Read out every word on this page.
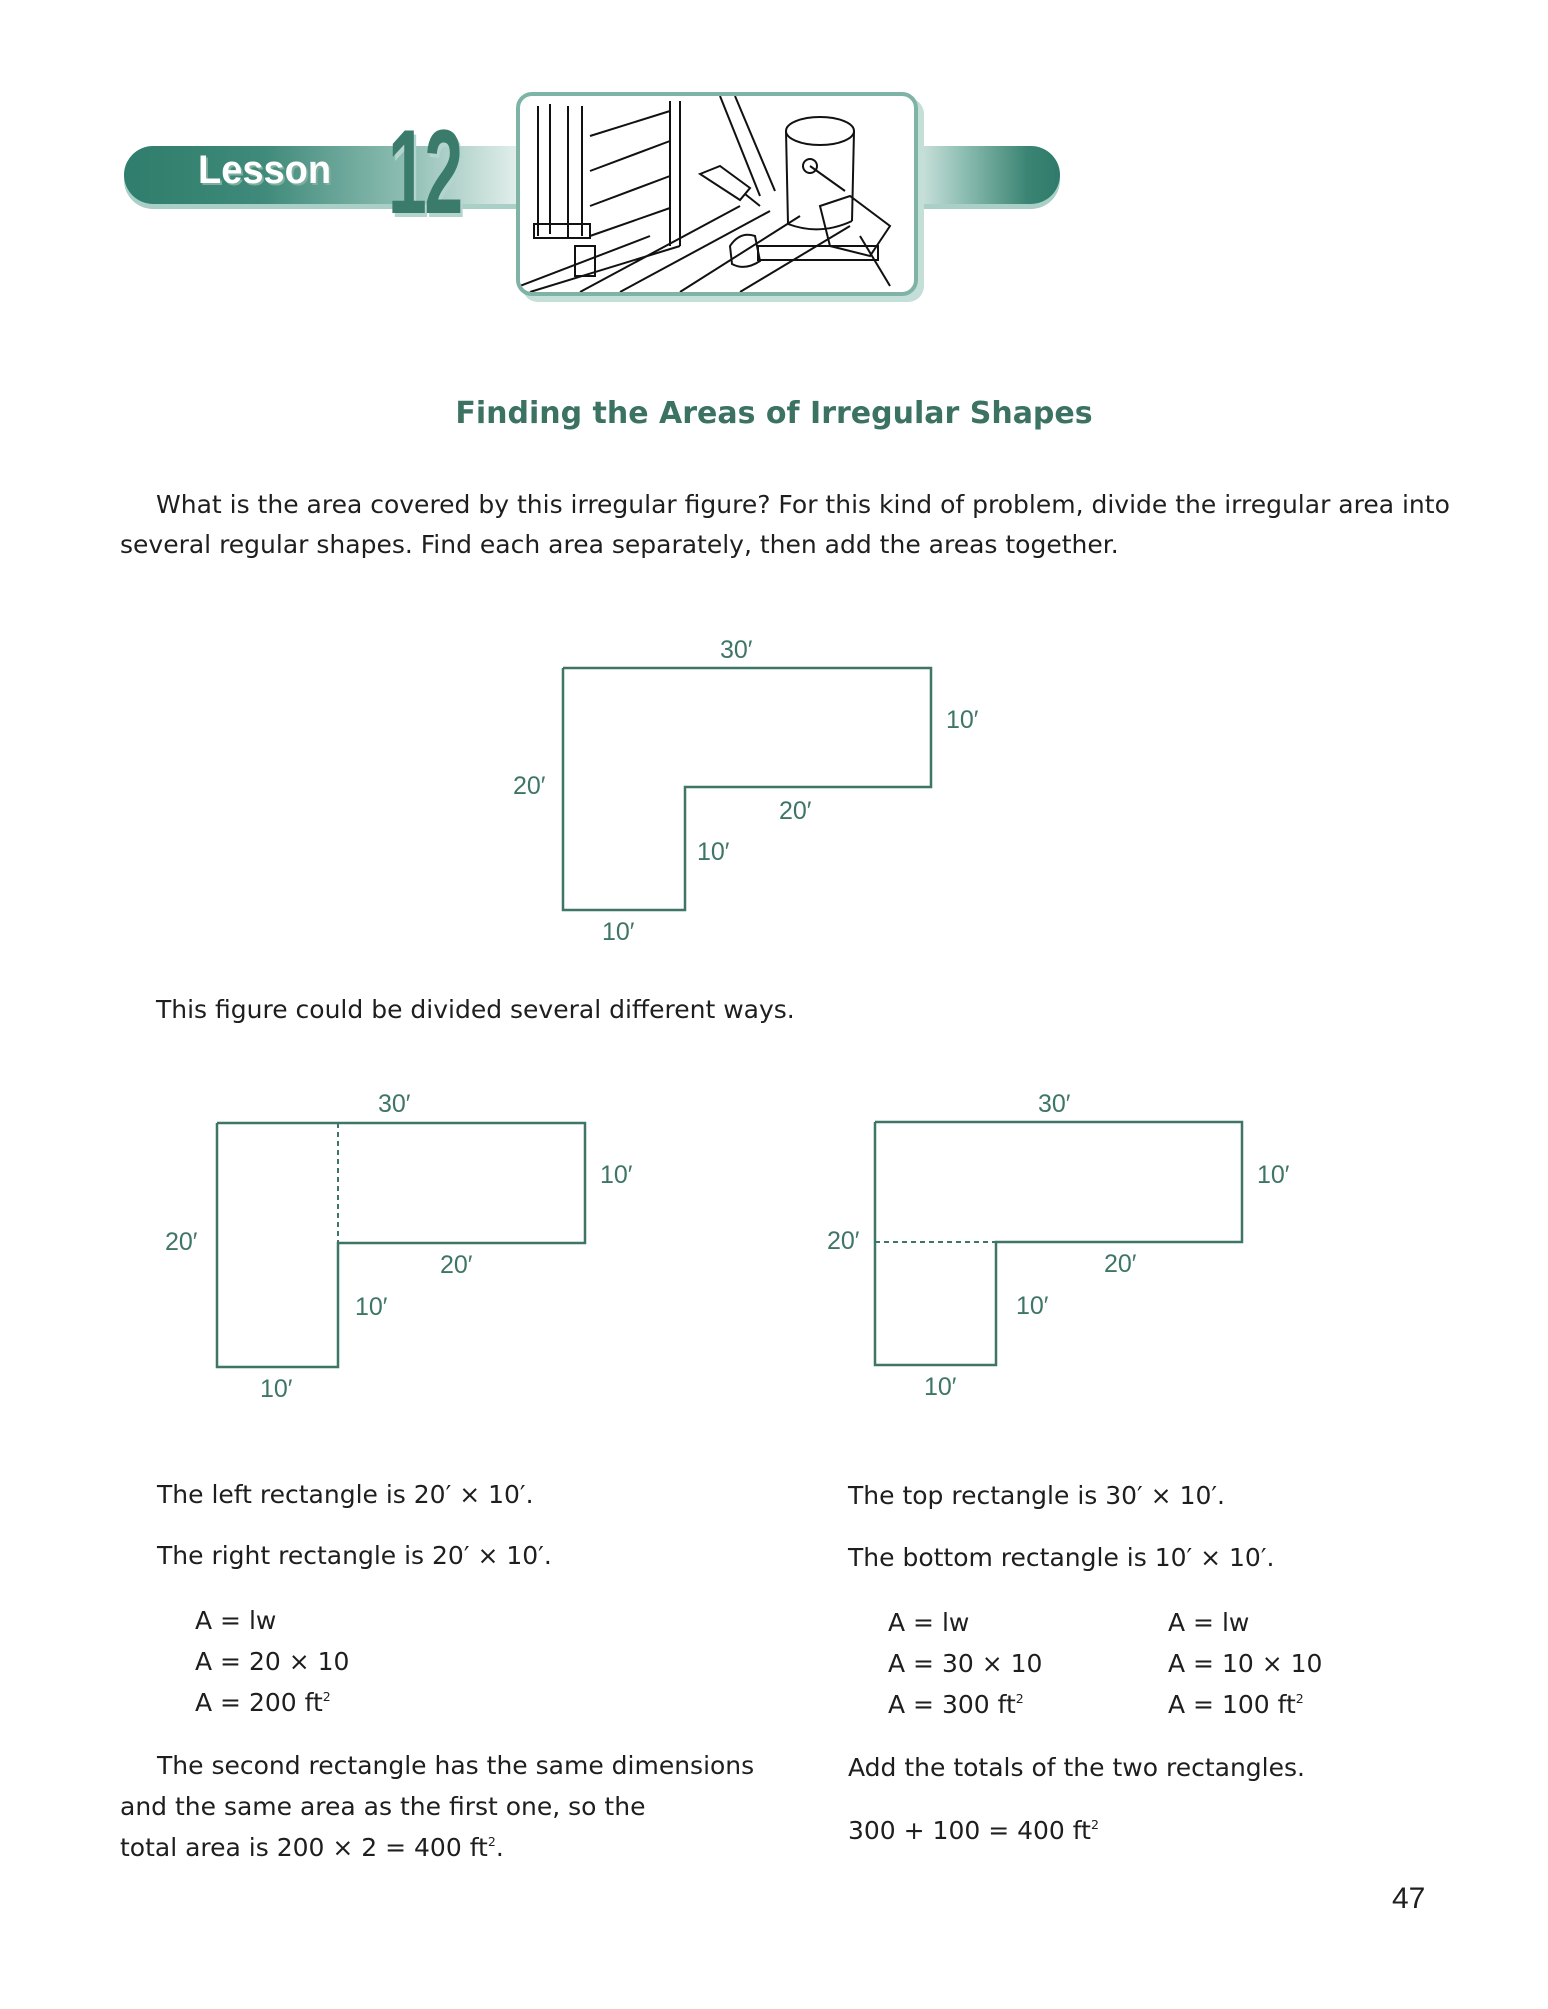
Lesson 12
Finding the Areas of Irregular Shapes
What is the area covered by this irregular figure? For this kind of problem, divide the irregular area into
several regular shapes. Find each area separately, then add the areas together.
30′
10′
20′
20′
10′
10′
This figure could be divided several different ways.
30′
10′
20′
20′
10′
10′
30′
10′
20′
20′
10′
10′
The left rectangle is 20′ × 10′.
The right rectangle is 20′ × 10′.
A = lw
A = 20 × 10
A = 200 $ft^2$
The second rectangle has the same dimensions
and the same area as the first one, so the
total area is 200 × 2 = 400 $ft^2$.
The top rectangle is 30′ × 10′.
The bottom rectangle is 10′ × 10′.
A = lw
A = 30 × 10
A = 300 $ft^2$
A = lw
A = 10 × 10
A = 100 $ft^2$
Add the totals of the two rectangles.
300 + 100 = 400 $ft^2$
47
